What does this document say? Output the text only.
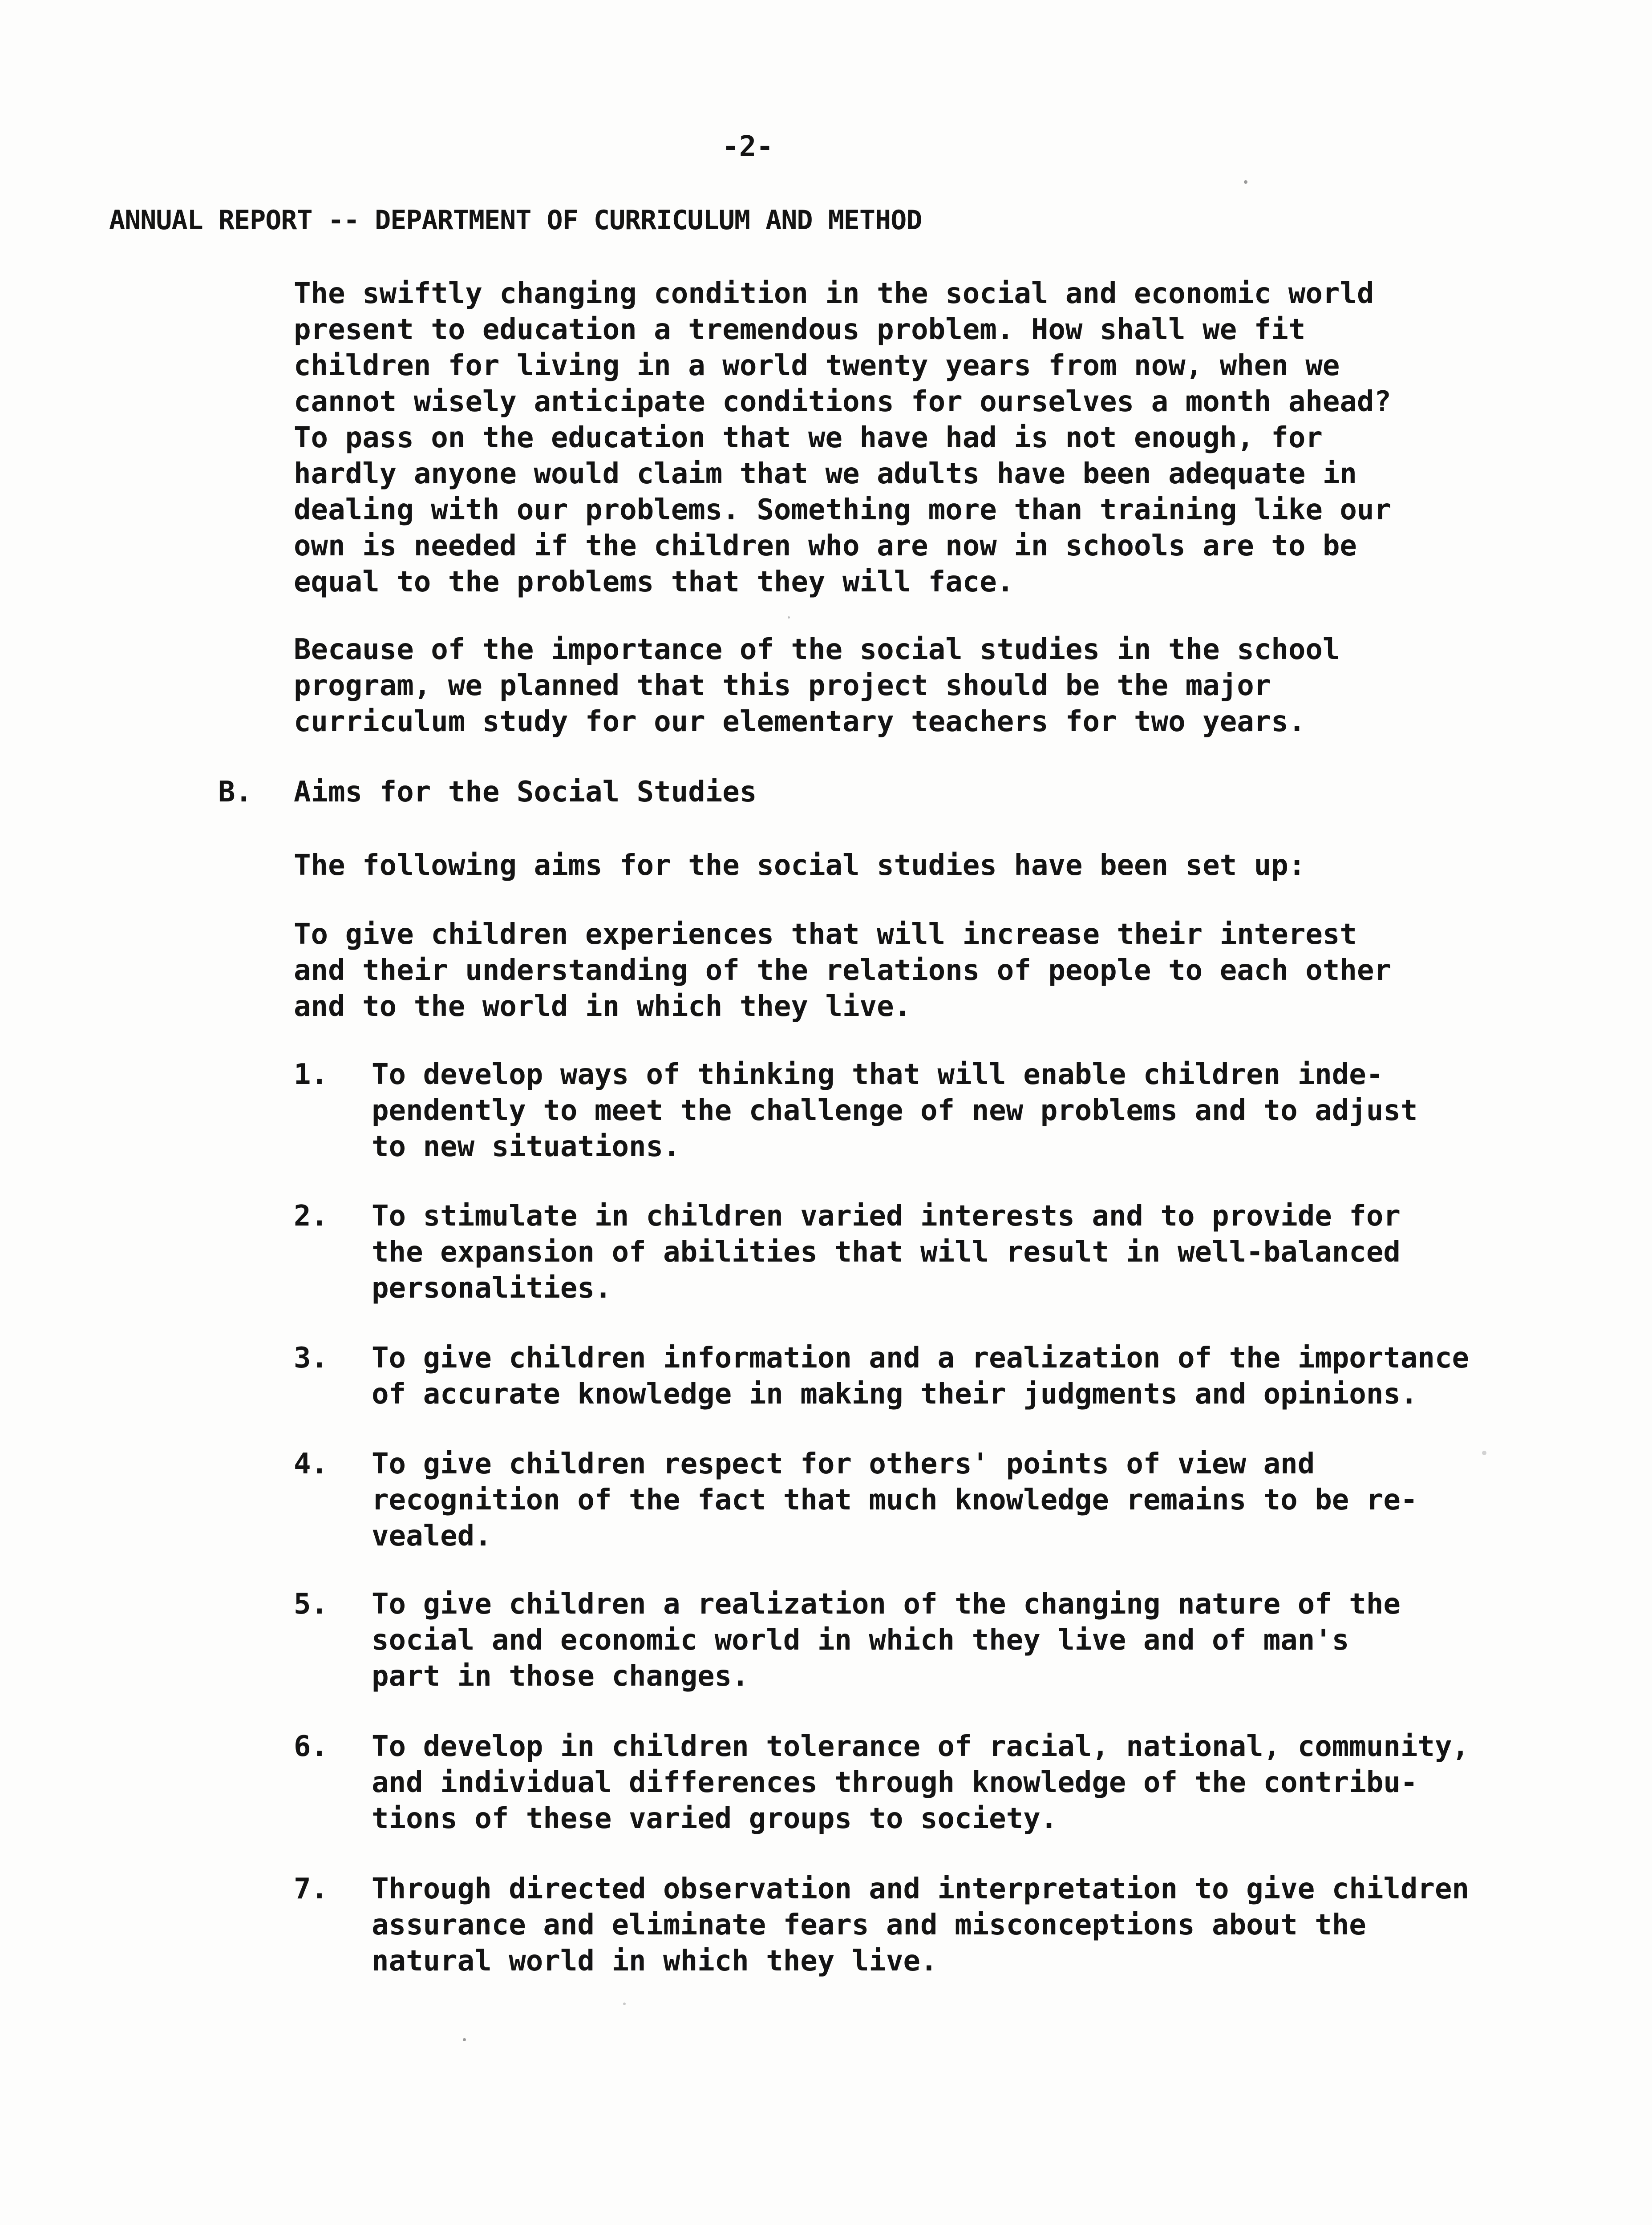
-2-
ANNUAL REPORT -- DEPARTMENT OF CURRICULUM AND METHOD
The swiftly changing condition in the social and economic world
present to education a tremendous problem. How shall we fit
children for living in a world twenty years from now, when we
cannot wisely anticipate conditions for ourselves a month ahead?
To pass on the education that we have had is not enough, for
hardly anyone would claim that we adults have been adequate in
dealing with our problems. Something more than training like our
own is needed if the children who are now in schools are to be
equal to the problems that they will face.
Because of the importance of the social studies in the school
program, we planned that this project should be the major
curriculum study for our elementary teachers for two years.
B. Aims for the Social Studies
The following aims for the social studies have been set up:
To give children experiences that will increase their interest
and their understanding of the relations of people to each other
and to the world in which they live.
1.	To develop ways of thinking that will enable children inde-
pendently to meet the challenge of new problems and to adjust
to new situations.
2.	To stimulate in children varied interests and to provide for
the expansion of abilities that will result in well-balanced
personalities.
3.	To give children information and a realization of the importance
of accurate knowledge in making their judgments and opinions.
4.	To give children respect for others' points of view and
recognition of the fact that much knowledge remains to be re-
vealed.
5.	To give children a realization of the changing nature of the
social and economic world in which they live and of man's
part in those changes.
6.	To develop in children tolerance of racial, national, community,
and individual differences through knowledge of the contribu-
tions of these varied groups to society.
7.	Through directed observation and interpretation to give children
assurance and eliminate fears and misconceptions about the
natural world in which they live.
